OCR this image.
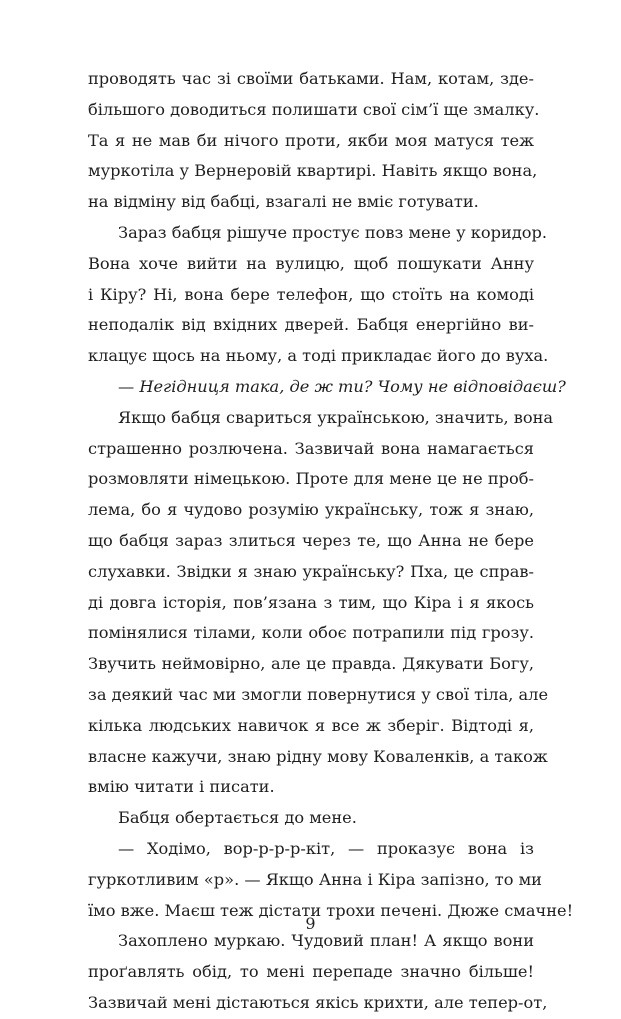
проводять час зі своїми батьками. Нам, котам, зде-
більшого доводиться полишати свої сім’ї ще змалку.
Та я не мав би нічого проти, якби моя матуся теж
муркотіла у Вернеровій квартирі. Навіть якщо вона,
на відміну від бабці, взагалі не вміє готувати.

Зараз бабця рішуче простує повз мене у коридор.
Вона хоче вийти на вулицю, щоб пошукати Анну
і Кіру? Ні, вона бере телефон, що стоїть на комоді
неподалік від вхідних дверей. Бабця енергійно ви-
клацує щось на ньому, а тоді прикладає його до вуха.

— Негідниця така, де ж ти? Чому не відповідаєш?

Якщо бабця свариться українською, значить, вона
страшенно розлючена. Зазвичай вона намагається
розмовляти німецькою. Проте для мене це не проб-
лема, бо я чудово розумію українську, тож я знаю,
що бабця зараз злиться через те, що Анна не бере
слухавки. Звідки я знаю українську? Пха, це справ-
ді довга історія, пов’язана з тим, що Кіра і я якось
помінялися тілами, коли обоє потрапили під грозу.
Звучить неймовірно, але це правда. Дякувати Богу,
за деякий час ми змогли повернутися у свої тіла, але
кілька людських навичок я все ж зберіг. Відтоді я,
власне кажучи, знаю рідну мову Коваленків, а також
вмію читати і писати.

Бабця обертається до мене.

— Ходімо, вор-р-р-р-кіт, — проказує вона із
гуркотливим «р». — Якщо Анна і Кіра запізно, то ми
їмо вже. Маєш теж дістати трохи печені. Дюже смачне!

Захоплено муркаю. Чудовий план! А якщо вони
проґавлять обід, то мені перепаде значно більше!
Зазвичай мені дістаються якісь крихти, але тепер-от,

9
